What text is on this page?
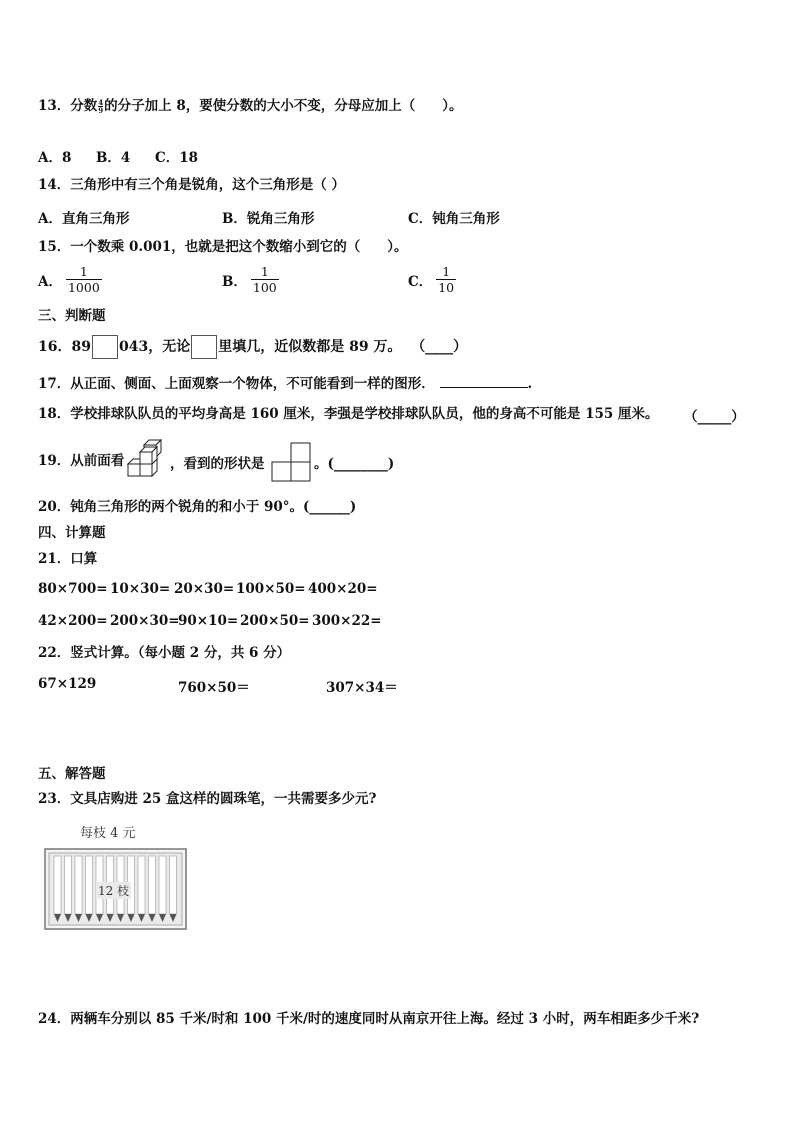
13．分数$\frac{4}{9}$ 的分子加上 8，要使分数的大小不变，分母应加上（　　）。
A．8 B．4 C．18
14．三角形中有三个角是锐角，这个三角形是（ ）
A．直角三角形	B．锐角三角形	C．钝角三角形
15．一个数乘 0.001，也就是把这个数缩小到它的（　　）。
A． $\frac{1}{1000}$	B． $\frac{1}{100}$	C． $\frac{1}{10}$
三、判断题
16．89 043，无论 里填几，近似数都是 89 万。 （____）
17．从正面、侧面、上面观察一个物体，不可能看到一样的图形．	.
18．学校排球队队员的平均身高是 160 厘米，李强是学校排球队队员，他的身高不可能是 155 厘米。 （_____）
19．从前面看	，看到的形状是	。(________)
20．钝角三角形的两个锐角的和小于 90°。(______)
四、计算题
21．口算
80×700= 10×30= 20×30= 100×50= 400×20=
42×200= 200×30=
90×10= 200×50= 300×22=
22．竖式计算。（每小题 2 分，共 6 分）
67×129	760×50＝	307×34＝
五、解答题
23．文具店购进 25 盒这样的圆珠笔，一共需要多少元?
每枝 4 元
12 枝
24．两辆车分别以 85 千米/时和 100 千米/时的速度同时从南京开往上海。经过 3 小时，两车相距多少千米?
